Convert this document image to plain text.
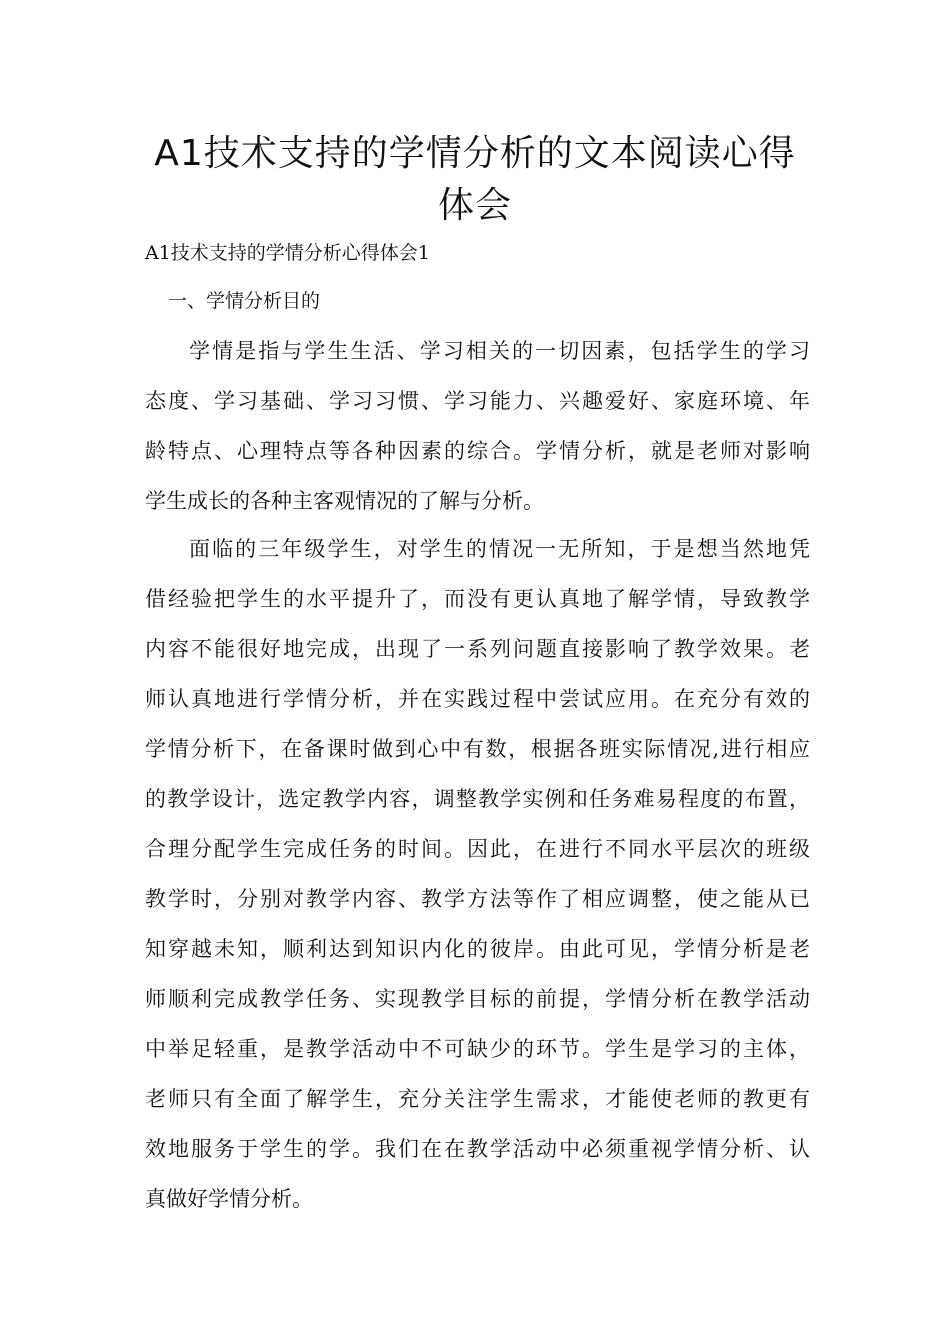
A1技术支持的学情分析的文本阅读心得
体会

A1技术支持的学情分析心得体会1

一、学情分析目的

学情是指与学生生活、学习相关的一切因素，包括学生的学习
态度、学习基础、学习习惯、学习能力、兴趣爱好、家庭环境、年
龄特点、心理特点等各种因素的综合。学情分析，就是老师对影响
学生成长的各种主客观情况的了解与分析。
面临的三年级学生，对学生的情况一无所知，于是想当然地凭
借经验把学生的水平提升了，而没有更认真地了解学情，导致教学
内容不能很好地完成，出现了一系列问题直接影响了教学效果。老
师认真地进行学情分析，并在实践过程中尝试应用。在充分有效的
学情分析下，在备课时做到心中有数，根据各班实际情况,进行相应
的教学设计，选定教学内容，调整教学实例和任务难易程度的布置，
合理分配学生完成任务的时间。因此，在进行不同水平层次的班级
教学时，分别对教学内容、教学方法等作了相应调整，使之能从已
知穿越未知，顺利达到知识内化的彼岸。由此可见，学情分析是老
师顺利完成教学任务、实现教学目标的前提，学情分析在教学活动
中举足轻重，是教学活动中不可缺少的环节。学生是学习的主体，
老师只有全面了解学生，充分关注学生需求，才能使老师的教更有
效地服务于学生的学。我们在在教学活动中必须重视学情分析、认
真做好学情分析。
